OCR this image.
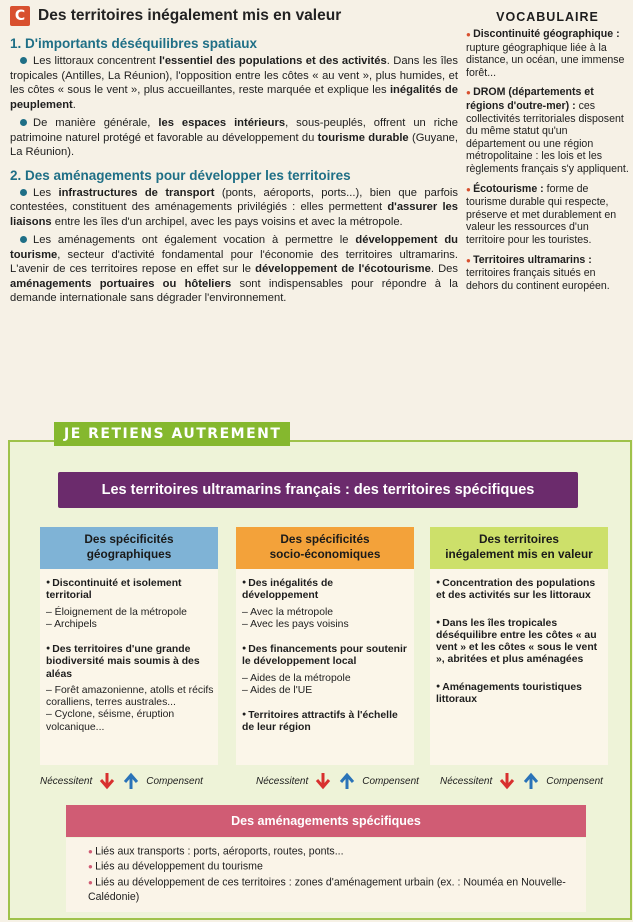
C Des territoires inégalement mis en valeur
1. D'importants déséquilibres spatiaux

Les littoraux concentrent l'essentiel des populations et des activités. Dans les îles tropicales (Antilles, La Réunion), l'opposition entre les côtes « au vent », plus humides, et les côtes « sous le vent », plus accueillantes, reste marquée et explique les inégalités de peuplement.

De manière générale, les espaces intérieurs, sous-peuplés, offrent un riche patrimoine naturel protégé et favorable au développement du tourisme durable (Guyane, La Réunion).

2. Des aménagements pour développer les territoires

Les infrastructures de transport (ponts, aéroports, ports...), bien que parfois contestées, constituent des aménagements privilégiés : elles permettent d'assurer les liaisons entre les îles d'un archipel, avec les pays voisins et avec la métropole.

Les aménagements ont également vocation à permettre le développement du tourisme, secteur d'activité fondamental pour l'économie des territoires ultramarins. L'avenir de ces territoires repose en effet sur le développement de l'écotourisme. Des aménagements portuaires ou hôteliers sont indispensables pour répondre à la demande internationale sans dégrader l'environnement.

VOCABULAIRE
● Discontinuité géographique : rupture géographique liée à la distance, un océan, une immense forêt...
● DROM (départements et régions d'outre-mer) : ces collectivités territoriales disposent du même statut qu'un département ou une région métropolitaine : les lois et les règlements français s'y appliquent.
● Écotourisme : forme de tourisme durable qui respecte, préserve et met durablement en valeur les ressources d'un territoire pour les touristes.
● Territoires ultramarins : territoires français situés en dehors du continent européen.
JE RETIENS AUTREMENT
Les territoires ultramarins français : des territoires spécifiques
Des spécificités
géographiques
Des spécificités
socio-économiques
Des territoires
inégalement mis en valeur
● Discontinuité et isolement territorial
– Éloignement de la métropole
– Archipels
● Des territoires d'une grande biodiversité mais soumis à des aléas
– Forêt amazonienne, atolls et récifs coralliens, terres australes...
– Cyclone, séisme, éruption volcanique...
● Des inégalités de développement
– Avec la métropole
– Avec les pays voisins
● Des financements pour soutenir le développement local
– Aides de la métropole
– Aides de l'UE
● Territoires attractifs à l'échelle de leur région
● Concentration des populations et des activités sur les littoraux
● Dans les îles tropicales déséquilibre entre les côtes « au vent » et les côtes « sous le vent », abritées et plus aménagées
● Aménagements touristiques littoraux
Nécessitent	Compensent	Nécessitent	Compensent Nécessitent	Compensent
Des aménagements spécifiques
● Liés aux transports : ports, aéroports, routes, ponts...
● Liés au développement du tourisme
● Liés au développement de ces territoires : zones d'aménagement urbain (ex. : Nouméa en Nouvelle-Calédonie)
